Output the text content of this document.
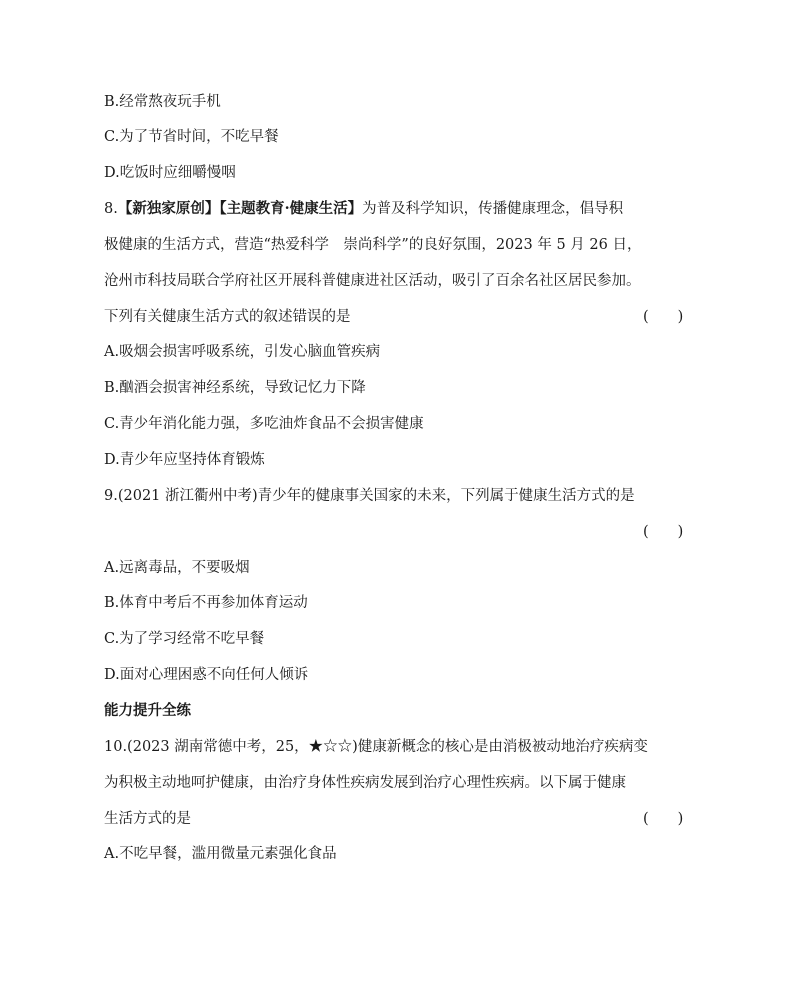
B.经常熬夜玩手机
C.为了节省时间，不吃早餐
D.吃饭时应细嚼慢咽
8.【新独家原创】【主题教育·健康生活】为普及科学知识，传播健康理念，倡导积
极健康的生活方式，营造“热爱科学　崇尚科学”的良好氛围，2023 年 5 月 26 日，
沧州市科技局联合学府社区开展科普健康进社区活动，吸引了百余名社区居民参加。
下列有关健康生活方式的叙述错误的是	(　　)
A.吸烟会损害呼吸系统，引发心脑血管疾病
B.酗酒会损害神经系统，导致记忆力下降
C.青少年消化能力强，多吃油炸食品不会损害健康
D.青少年应坚持体育锻炼
9.(2021 浙江衢州中考)青少年的健康事关国家的未来，下列属于健康生活方式的是
(　　)
A.远离毒品，不要吸烟
B.体育中考后不再参加体育运动
C.为了学习经常不吃早餐
D.面对心理困惑不向任何人倾诉
能力提升全练
10.(2023 湖南常德中考，25，★☆☆)健康新概念的核心是由消极被动地治疗疾病变
为积极主动地呵护健康，由治疗身体性疾病发展到治疗心理性疾病。以下属于健康
生活方式的是	(　　)
A.不吃早餐，滥用微量元素强化食品
